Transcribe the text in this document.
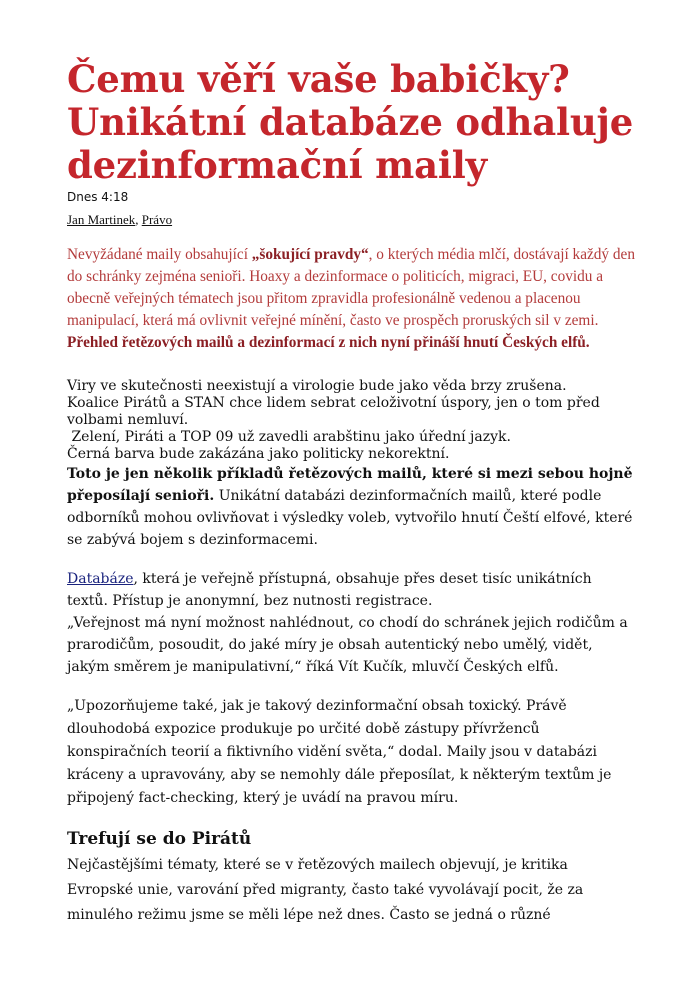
Čemu věří vaše babičky? Unikátní databáze odhaluje dezinformační maily
Dnes 4:18
Jan Martinek, Právo
Nevyžádané maily obsahující „šokující pravdy“, o kterých média mlčí, dostávají každý den do schránky zejména senioři. Hoaxy a dezinformace o politicích, migraci, EU, covidu a obecně veřejných tématech jsou přitom zpravidla profesionálně vedenou a placenou manipulací, která má ovlivnit veřejné mínění, často ve prospěch proruských sil v zemi. Přehled řetězových mailů a dezinformací z nich nyní přináší hnutí Českých elfů.
Viry ve skutečnosti neexistují a virologie bude jako věda brzy zrušena.
Koalice Pirátů a STAN chce lidem sebrat celoživotní úspory, jen o tom před volbami nemluví.
Zelení, Piráti a TOP 09 už zavedli arabštinu jako úřední jazyk.
Černá barva bude zakázána jako politicky nekorektní.
Toto je jen několik příkladů řetězových mailů, které si mezi sebou hojně přeposílají senioři. Unikátní databázi dezinformačních mailů, které podle odborníků mohou ovlivňovat i výsledky voleb, vytvořilo hnutí Čeští elfové, které se zabývá bojem s dezinformacemi.
Databáze, která je veřejně přístupná, obsahuje přes deset tisíc unikátních textů. Přístup je anonymní, bez nutnosti registrace.
„Veřejnost má nyní možnost nahlédnout, co chodí do schránek jejich rodičům a prarodičům, posoudit, do jaké míry je obsah autentický nebo umělý, vidět, jakým směrem je manipulativní,“ říká Vít Kučík, mluvčí Českých elfů.
„Upozorňujeme také, jak je takový dezinformační obsah toxický. Právě dlouhodobá expozice produkuje po určité době zástupy přívrženců konspiračních teorií a fiktivního vidění světa,“ dodal. Maily jsou v databázi kráceny a upravovány, aby se nemohly dále přeposílat, k některým textům je připojený fact-checking, který je uvádí na pravou míru.
Trefují se do Pirátů
Nejčastějšími tématy, které se v řetězových mailech objevují, je kritika Evropské unie, varování před migranty, často také vyvolávají pocit, že za minulého režimu jsme se měli lépe než dnes. Často se jedná o různé
